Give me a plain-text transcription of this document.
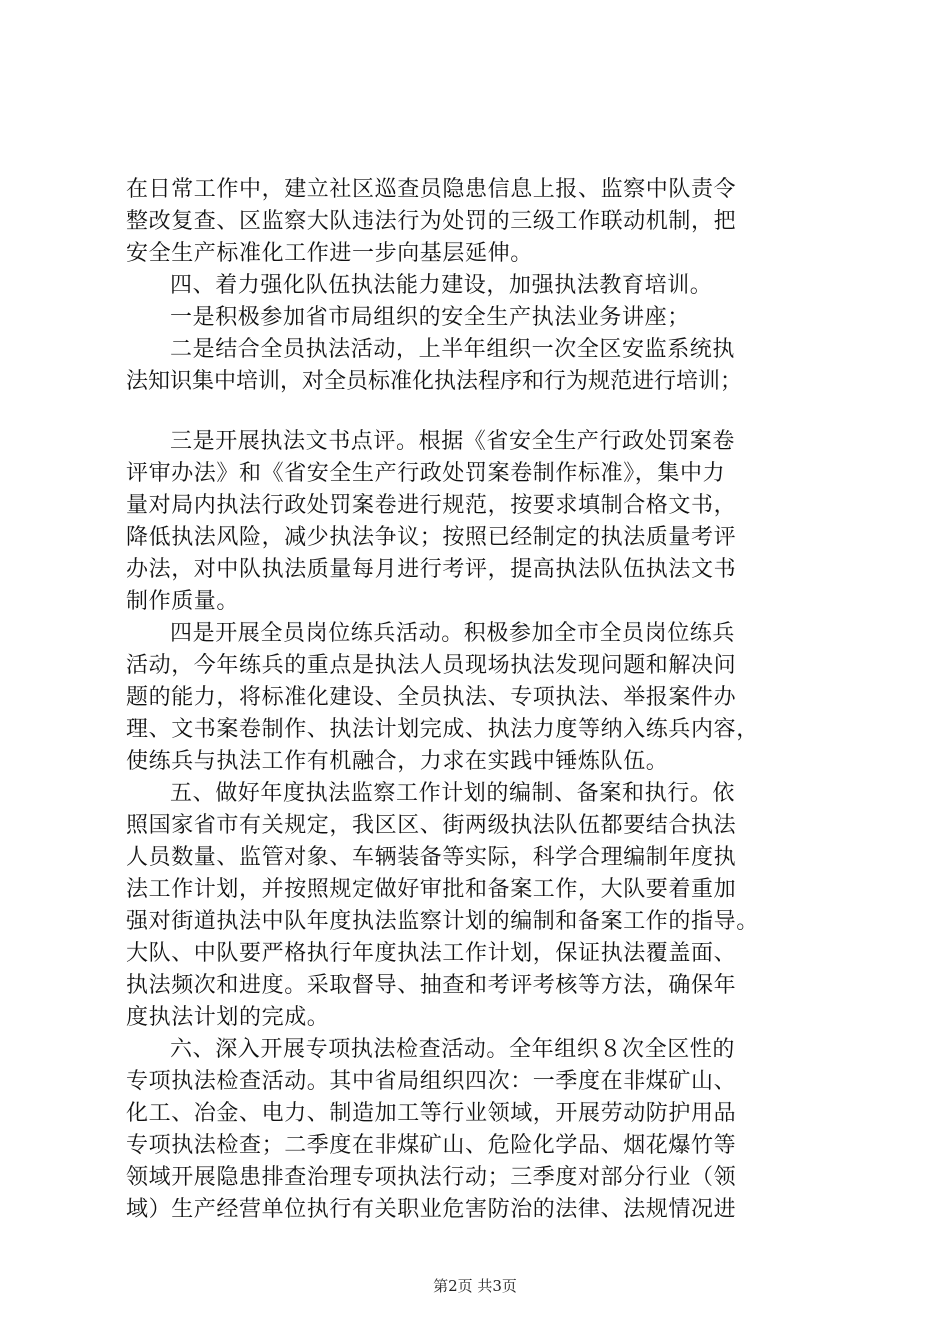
在日常工作中，建立社区巡查员隐患信息上报、监察中队责令
整改复查、区监察大队违法行为处罚的三级工作联动机制，把
安全生产标准化工作进一步向基层延伸。
四、着力强化队伍执法能力建设，加强执法教育培训。
一是积极参加省市局组织的安全生产执法业务讲座；
二是结合全员执法活动，上半年组织一次全区安监系统执
法知识集中培训，对全员标准化执法程序和行为规范进行培训；
三是开展执法文书点评。根据《省安全生产行政处罚案卷
评审办法》和《省安全生产行政处罚案卷制作标准》，集中力
量对局内执法行政处罚案卷进行规范，按要求填制合格文书，
降低执法风险，减少执法争议；按照已经制定的执法质量考评
办法，对中队执法质量每月进行考评，提高执法队伍执法文书
制作质量。
四是开展全员岗位练兵活动。积极参加全市全员岗位练兵
活动，今年练兵的重点是执法人员现场执法发现问题和解决问
题的能力，将标准化建设、全员执法、专项执法、举报案件办
理、文书案卷制作、执法计划完成、执法力度等纳入练兵内容，
使练兵与执法工作有机融合，力求在实践中锤炼队伍。
五、做好年度执法监察工作计划的编制、备案和执行。依
照国家省市有关规定，我区区、街两级执法队伍都要结合执法
人员数量、监管对象、车辆装备等实际，科学合理编制年度执
法工作计划，并按照规定做好审批和备案工作，大队要着重加
强对街道执法中队年度执法监察计划的编制和备案工作的指导。
大队、中队要严格执行年度执法工作计划，保证执法覆盖面、
执法频次和进度。采取督导、抽查和考评考核等方法，确保年
度执法计划的完成。
六、深入开展专项执法检查活动。全年组织８次全区性的
专项执法检查活动。其中省局组织四次：一季度在非煤矿山、
化工、冶金、电力、制造加工等行业领域，开展劳动防护用品
专项执法检查；二季度在非煤矿山、危险化学品、烟花爆竹等
领域开展隐患排查治理专项执法行动；三季度对部分行业（领
域）生产经营单位执行有关职业危害防治的法律、法规情况进
第2页 共3页
